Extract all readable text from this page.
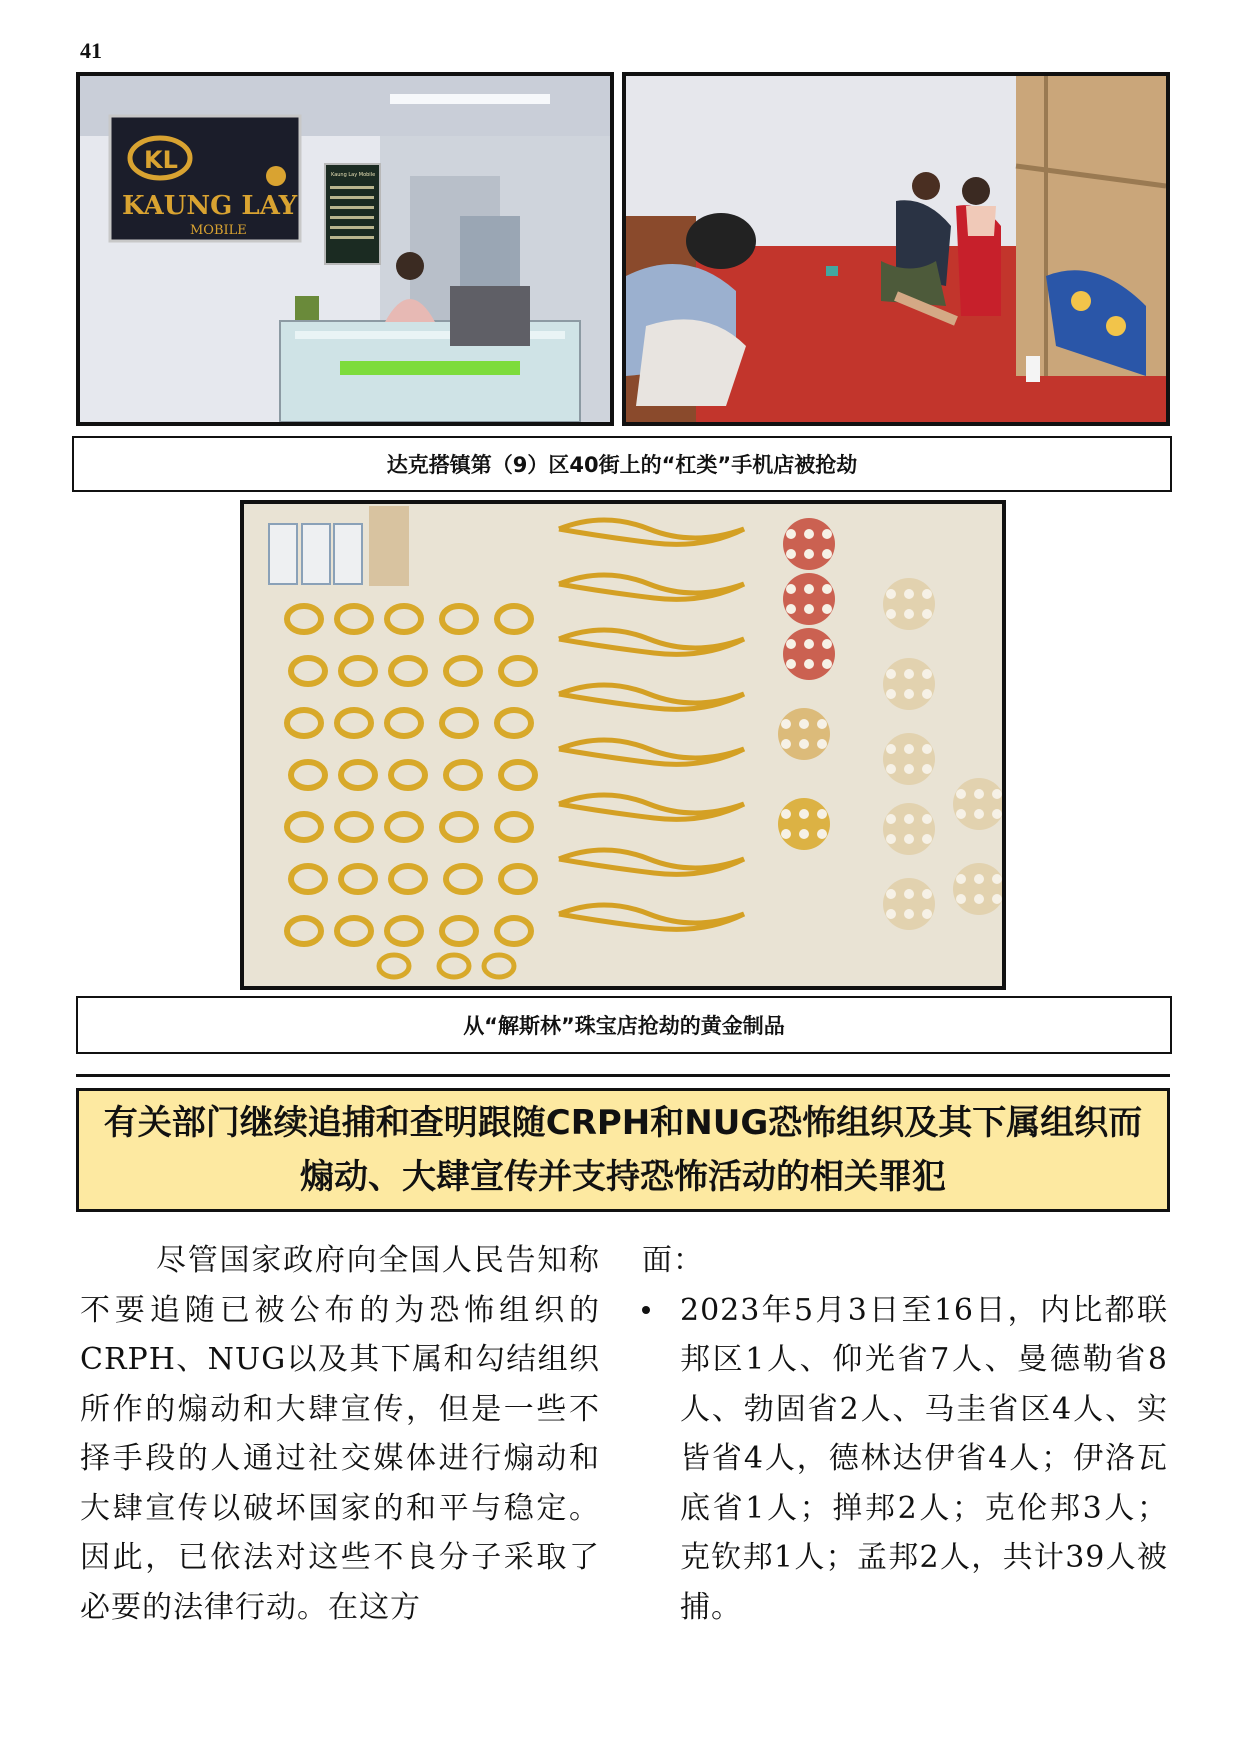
41
KL
KAUNG LAY
MOBILE
Kaung Lay Mobile
达克搭镇第（9）区40街上的“杠类”手机店被抢劫
从“解斯林”珠宝店抢劫的黄金制品
有关部门继续追捕和查明跟随CRPH和NUG恐怖组织及其下属组织而
煽动、大肆宣传并支持恐怖活动的相关罪犯

尽管国家政府向全国人民告知称不要追随已被公布的为恐怖组织的CRPH、NUG以及其下属和勾结组织所作的煽动和大肆宣传，但是一些不择手段的人通过社交媒体进行煽动和大肆宣传以破坏国家的和平与稳定。因此，已依法对这些不良分子采取了必要的法律行动。在这方

面：

2023年5月3日至16日，内比都联邦区1人、仰光省7人、曼德勒省8人、勃固省2人、马圭省区4人、实皆省4人，德林达伊省4人；伊洛瓦底省1人；掸邦2人；克伦邦3人；克钦邦1人；孟邦2人，共计39人被捕。
